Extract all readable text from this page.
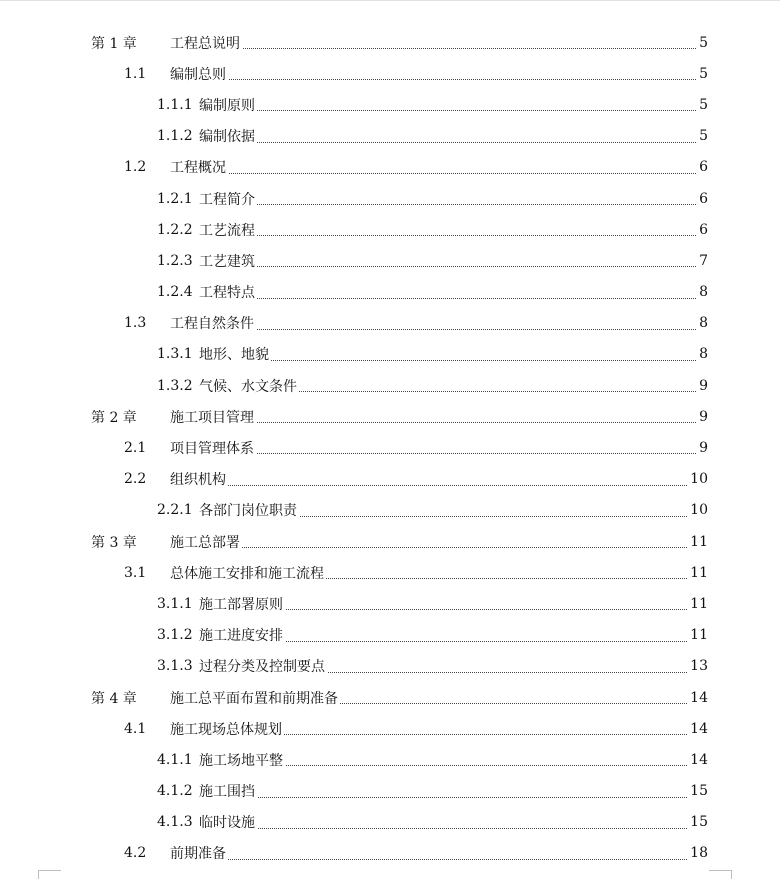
第 1 章 工程总说明	5
1.1 编制总则	5
1.1.1 编制原则	5
1.1.2 编制依据	5
1.2 工程概况	6
1.2.1 工程简介	6
1.2.2 工艺流程	6
1.2.3 工艺建筑	7
1.2.4 工程特点	8
1.3 工程自然条件	8
1.3.1 地形、地貌	8
1.3.2 气候、水文条件	9
第 2 章 施工项目管理	9
2.1 项目管理体系	9
2.2 组织机构	10
2.2.1 各部门岗位职责	10
第 3 章 施工总部署	11
3.1 总体施工安排和施工流程	11
3.1.1 施工部署原则	11
3.1.2 施工进度安排	11
3.1.3 过程分类及控制要点	13
第 4 章 施工总平面布置和前期准备	14
4.1 施工现场总体规划	14
4.1.1 施工场地平整	14
4.1.2 施工围挡	15
4.1.3 临时设施	15
4.2 前期准备	18
